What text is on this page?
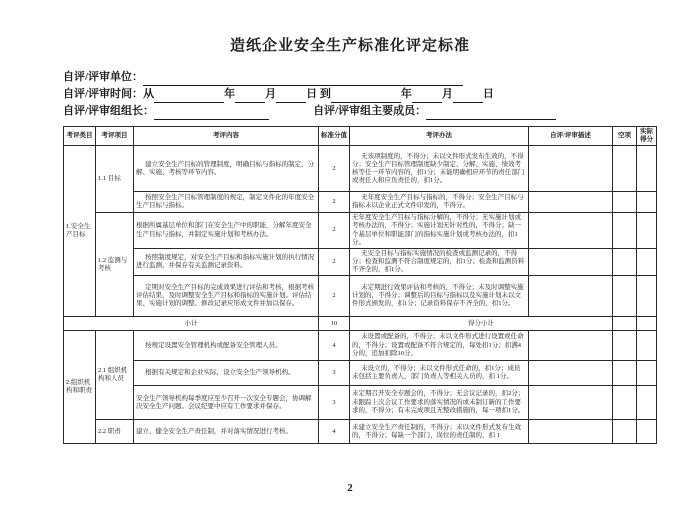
造纸企业安全生产标准化评定标准
自评/评审单位：
自评/评审时间：从	年	月	日 到	年	月	日
自评/评审组组长：	自评/评审组主要成员：
考评类目	考评项目	考评内容	标准分值	考评办法	自评/评审描述	空项	实际得分
1.安全生产目标	1.1 目标	建立安全生产目标的管理制度，明确目标与指标的制定、分解、实施、考核等环节内容。	2	无该项制度的，不得分；未以文件形式发布生效的，不得分；安全生产目标管理制度缺少制定、分解、实施、绩效考核等任一环节内容的，扣1分；未能明确相应环节的责任部门或责任人和应负责任的，扣1分。			
		按照安全生产目标管理制度的规定，制定文件化的年度安全生产目标与指标。	2	无年度安全生产目标与指标的，不得分；安全生产目标与指标未以企业正式文件印发的，不得分。			
	1.2 监测与考核	根据所属基层单位和部门在安全生产中的职能，分解年度安全生产目标与指标，并制定实施计划和考核办法。	2	无年度安全生产目标与指标分解的，不得分；无实施计划或考核办法的，不得分；实施计划无针对性的，不得分；缺一个基层单位和职能部门的指标实施计划或考核办法的，扣1分。			
		按照制度规定，对安全生产目标和指标实施计划的执行情况进行监测，并保存有关监测记录资料。	2	无安全目标与指标实施情况的检查或监测记录的，不得分；检查和监测不符合制度规定的，扣1分；检查和监测资料不齐全的，扣1分。			
		定期对安全生产目标的完成效果进行评估和考核，根据考核评估结果，及时调整安全生产目标和指标的实施计划。评估结果、实施计划的调整、修改记录应形成文件并加以保存。	2	未定期进行效果评估和考核的，不得分；未及时调整实施计划的，不得分；调整后的目标与指标以及实施计划未以文件形式颁发的，扣1分；记录资料保存不齐全的，扣1分。			
小计			10	得分小计			
2.组织机构和职责	2.1 组织机构和人员	按规定设置安全管理机构或配备安全管理人员。	4	未设置或配备的，不得分；未以文件形式进行设置或任命的，不得分；设置或配备不符合规定的，每处扣1分；扣满4分的，追加扣除10分。			
		根据有关规定和企业实际，设立安全生产领导机构。	3	未设立的，不得分；未以文件形式任命的，扣1分；成员未包括主要负责人、部门负责人等相关人员的，扣 1分。			
		安全生产领导机构每季度应至少召开一次安全专题会，协调解决安全生产问题。会议纪要中应有工作要求并保存。	3	未定期召开安全专题会的，不得分；无会议记录的，扣2分；未跟踪上次会议工作要求的落实情况的或未制订新的工作要求的，不得分；有未完成项且无整改措施的，每一项扣1分。			
	2.2 职责	建立、健全安全生产责任制，并对落实情况进行考核。	4	未建立安全生产责任制的，不得分；未以文件形式发布生效的，不得分；每缺一个部门、岗位的责任制的，扣 1			
2
